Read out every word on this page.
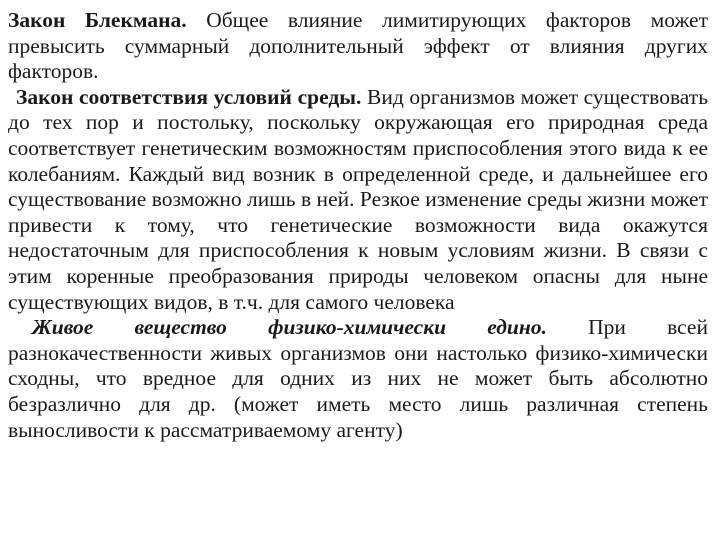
Закон Блекмана. Общее влияние лимитирующих факторов может превысить суммарный дополнительный эффект от влияния других факторов.

Закон соответствия условий среды. Вид организмов может существовать до тех пор и постольку, поскольку окружающая его природная среда соответствует генетическим возможностям приспособления этого вида к ее колебаниям. Каждый вид возник в определенной среде, и дальнейшее его существование возможно лишь в ней. Резкое изменение среды жизни может привести к тому, что генетические возможности вида окажутся недостаточным для приспособления к новым условиям жизни. В связи с этим коренные преобразования природы человеком опасны для ныне существующих видов, в т.ч. для самого человека

Живое вещество физико-химически едино. При всей разнокачественности живых организмов они настолько физико-химически сходны, что вредное для одних из них не может быть абсолютно безразлично для др. (может иметь место лишь различная степень выносливости к рассматриваемому агенту)
